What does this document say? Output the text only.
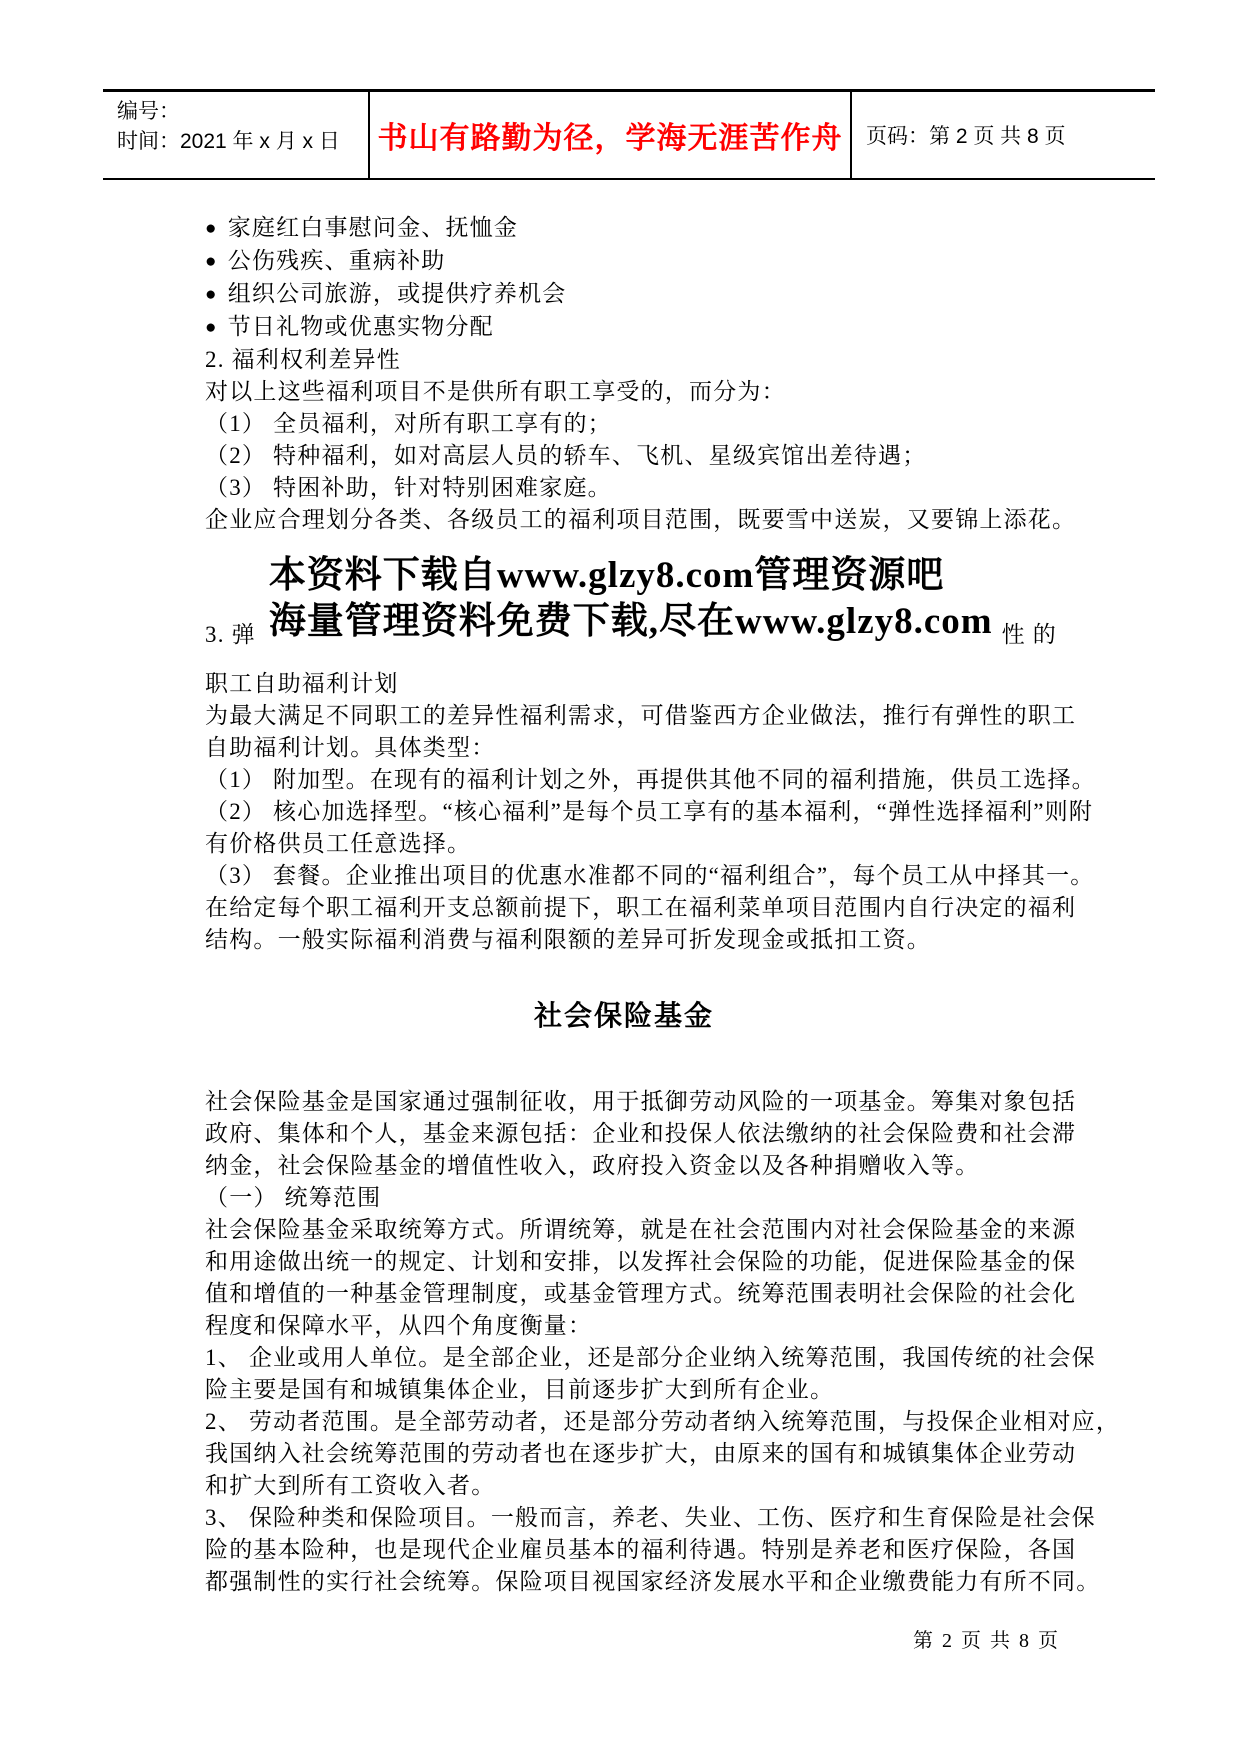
编号：
时间：2021 年 x 月 x 日	书山有路勤为径，学海无涯苦作舟 页码：第 2 页 共 8 页
● 家庭红白事慰问金、抚恤金
● 公伤残疾、重病补助
● 组织公司旅游，或提供疗养机会
● 节日礼物或优惠实物分配
2. 福利权利差异性
对以上这些福利项目不是供所有职工享受的，而分为：
（1） 全员福利，对所有职工享有的；
（2） 特种福利，如对高层人员的轿车、飞机、星级宾馆出差待遇；
（3） 特困补助，针对特别困难家庭。
企业应合理划分各类、各级员工的福利项目范围，既要雪中送炭，又要锦上添花。
3. 弹
本资料下载自www.glzy8.com管理资源吧
海量管理资料免费下载,尽在www.glzy8.com 性 的
职工自助福利计划
为最大满足不同职工的差异性福利需求，可借鉴西方企业做法，推行有弹性的职工
自助福利计划。具体类型：
（1） 附加型。在现有的福利计划之外，再提供其他不同的福利措施，供员工选择。
（2） 核心加选择型。“核心福利”是每个员工享有的基本福利，“弹性选择福利”则附
有价格供员工任意选择。
（3） 套餐。企业推出项目的优惠水准都不同的“福利组合”，每个员工从中择其一。
在给定每个职工福利开支总额前提下，职工在福利菜单项目范围内自行决定的福利
结构。一般实际福利消费与福利限额的差异可折发现金或抵扣工资。
社会保险基金
社会保险基金是国家通过强制征收，用于抵御劳动风险的一项基金。筹集对象包括
政府、集体和个人，基金来源包括：企业和投保人依法缴纳的社会保险费和社会滞
纳金，社会保险基金的增值性收入，政府投入资金以及各种捐赠收入等。
（一） 统筹范围
社会保险基金采取统筹方式。所谓统筹，就是在社会范围内对社会保险基金的来源
和用途做出统一的规定、计划和安排，以发挥社会保险的功能，促进保险基金的保
值和增值的一种基金管理制度，或基金管理方式。统筹范围表明社会保险的社会化
程度和保障水平，从四个角度衡量：
1、 企业或用人单位。是全部企业，还是部分企业纳入统筹范围，我国传统的社会保
险主要是国有和城镇集体企业，目前逐步扩大到所有企业。
2、 劳动者范围。是全部劳动者，还是部分劳动者纳入统筹范围，与投保企业相对应，
我国纳入社会统筹范围的劳动者也在逐步扩大，由原来的国有和城镇集体企业劳动
和扩大到所有工资收入者。
3、 保险种类和保险项目。一般而言，养老、失业、工伤、医疗和生育保险是社会保
险的基本险种，也是现代企业雇员基本的福利待遇。特别是养老和医疗保险，各国
都强制性的实行社会统筹。保险项目视国家经济发展水平和企业缴费能力有所不同。
第 2 页 共 8 页
